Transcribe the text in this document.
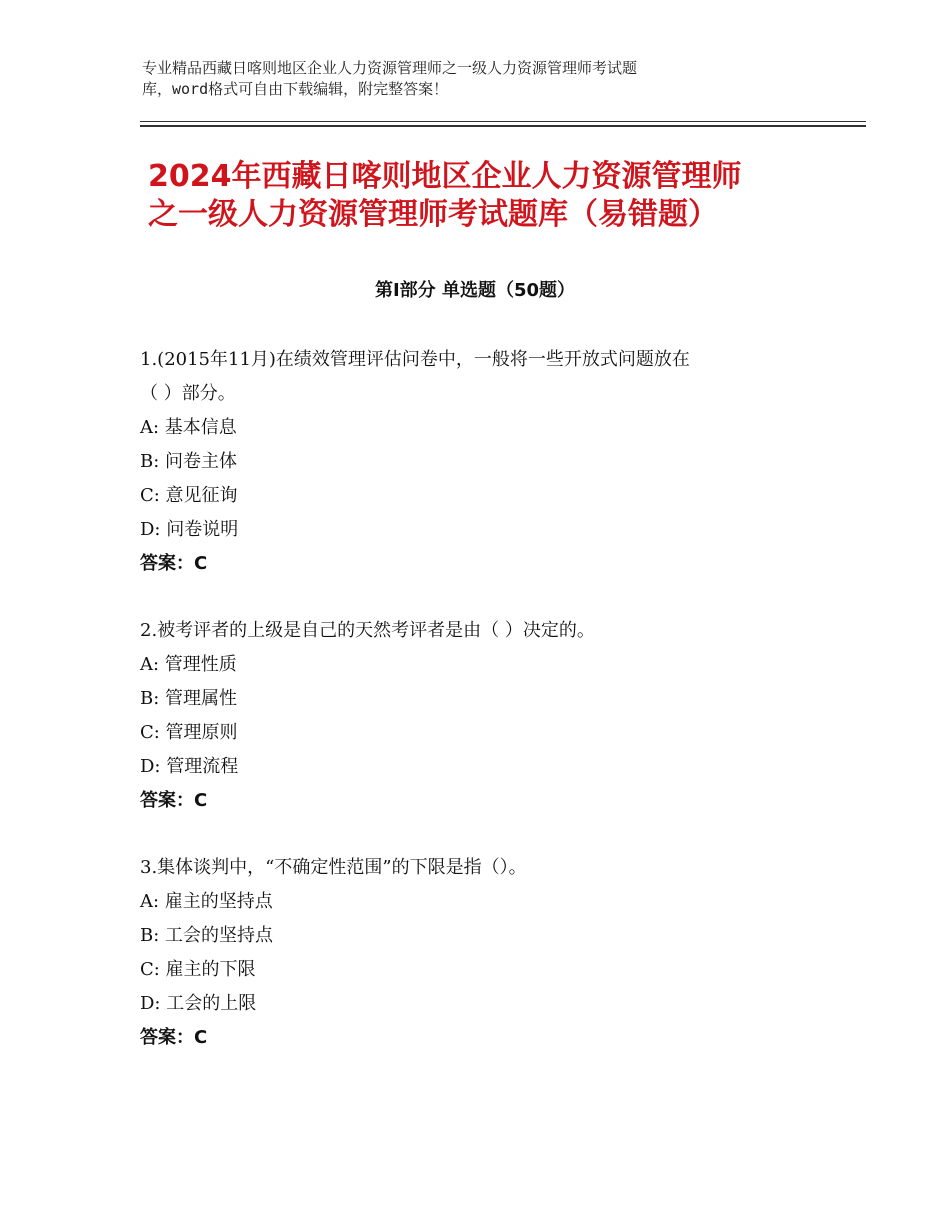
专业精品西藏日喀则地区企业人力资源管理师之一级人力资源管理师考试题
库，word格式可自由下载编辑，附完整答案！
2024年西藏日喀则地区企业人力资源管理师
之一级人力资源管理师考试题库（易错题）
第Ⅰ部分 单选题（50题）
1.(2015年11月)在绩效管理评估问卷中，一般将一些开放式问题放在
（ ）部分。
A: 基本信息
B: 问卷主体
C: 意见征询
D: 问卷说明
答案：C
2.被考评者的上级是自己的天然考评者是由（ ）决定的。
A: 管理性质
B: 管理属性
C: 管理原则
D: 管理流程
答案：C
3.集体谈判中，“不确定性范围”的下限是指（）。
A: 雇主的坚持点
B: 工会的坚持点
C: 雇主的下限
D: 工会的上限
答案：C
